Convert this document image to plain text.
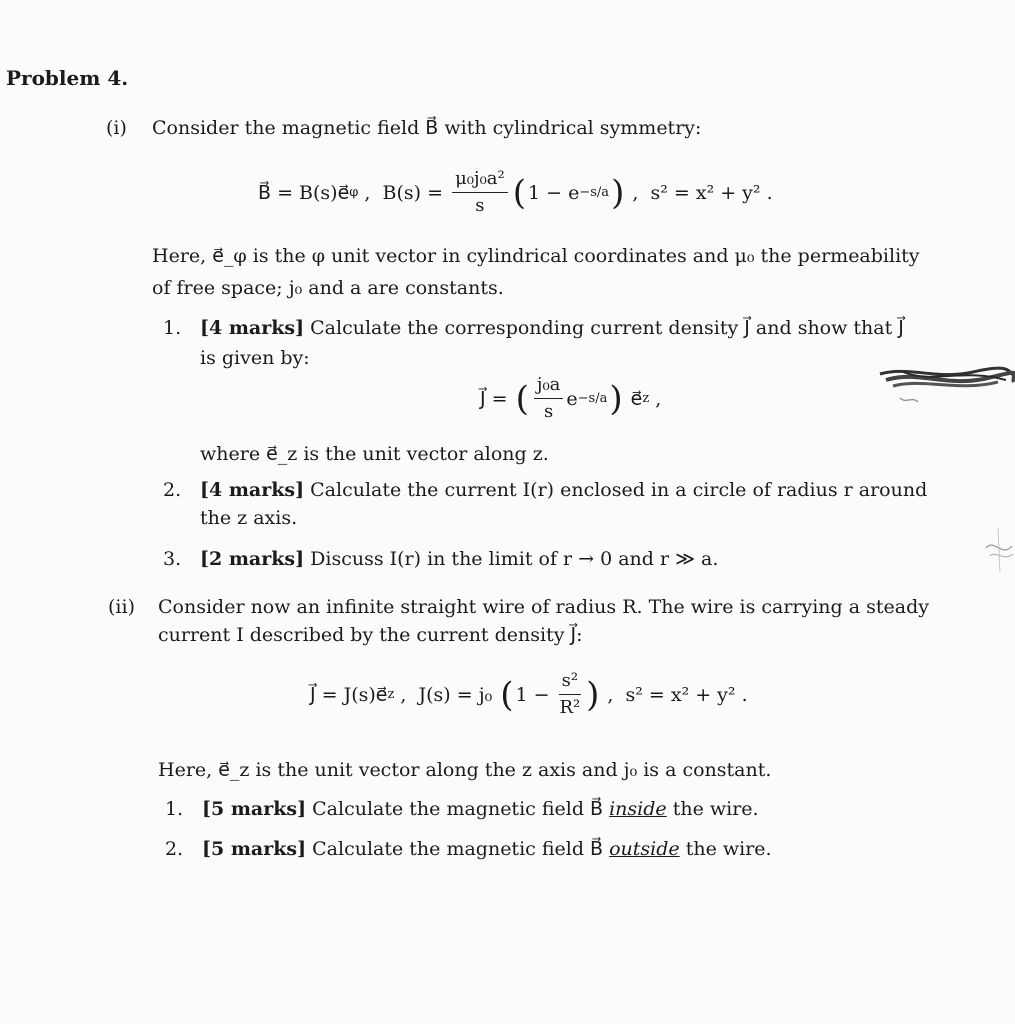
Problem 4.
(i) Consider the magnetic field B⃗ with cylindrical symmetry:
B⃗ = B(s)e⃗ φ ,  $B(s) = \frac{\text{μ₀j₀a²}}{s}$ ( 1 − e −s/a ) ,  s² = x² + y² .
Here, e⃗_φ is the φ unit vector in cylindrical coordinates and μ₀ the permeability
of free space; j₀ and a are constants.
1. [4 marks] Calculate the corresponding current density J⃗ and show that J⃗
is given by:
J⃗ = ( $\frac{\text{j₀a}}{s}$ e −s/a ) e⃗ z ,
where e⃗_z is the unit vector along z.
2. [4 marks] Calculate the current I(r) enclosed in a circle of radius r around
the z axis.
3. [2 marks] Discuss I(r) in the limit of r → 0 and r ≫ a.
(ii) Consider now an infinite straight wire of radius R. The wire is carrying a steady
current I described by the current density J⃗:
J⃗ = J(s)e⃗ z ,  J(s) = j₀ ( $1 - \frac{\text{s²}}{\text{R²}}$ ) ,  s² = x² + y² .
Here, e⃗_z is the unit vector along the z axis and j₀ is a constant.
1. [5 marks] Calculate the magnetic field B⃗ inside the wire.
2. [5 marks] Calculate the magnetic field B⃗ outside the wire.
